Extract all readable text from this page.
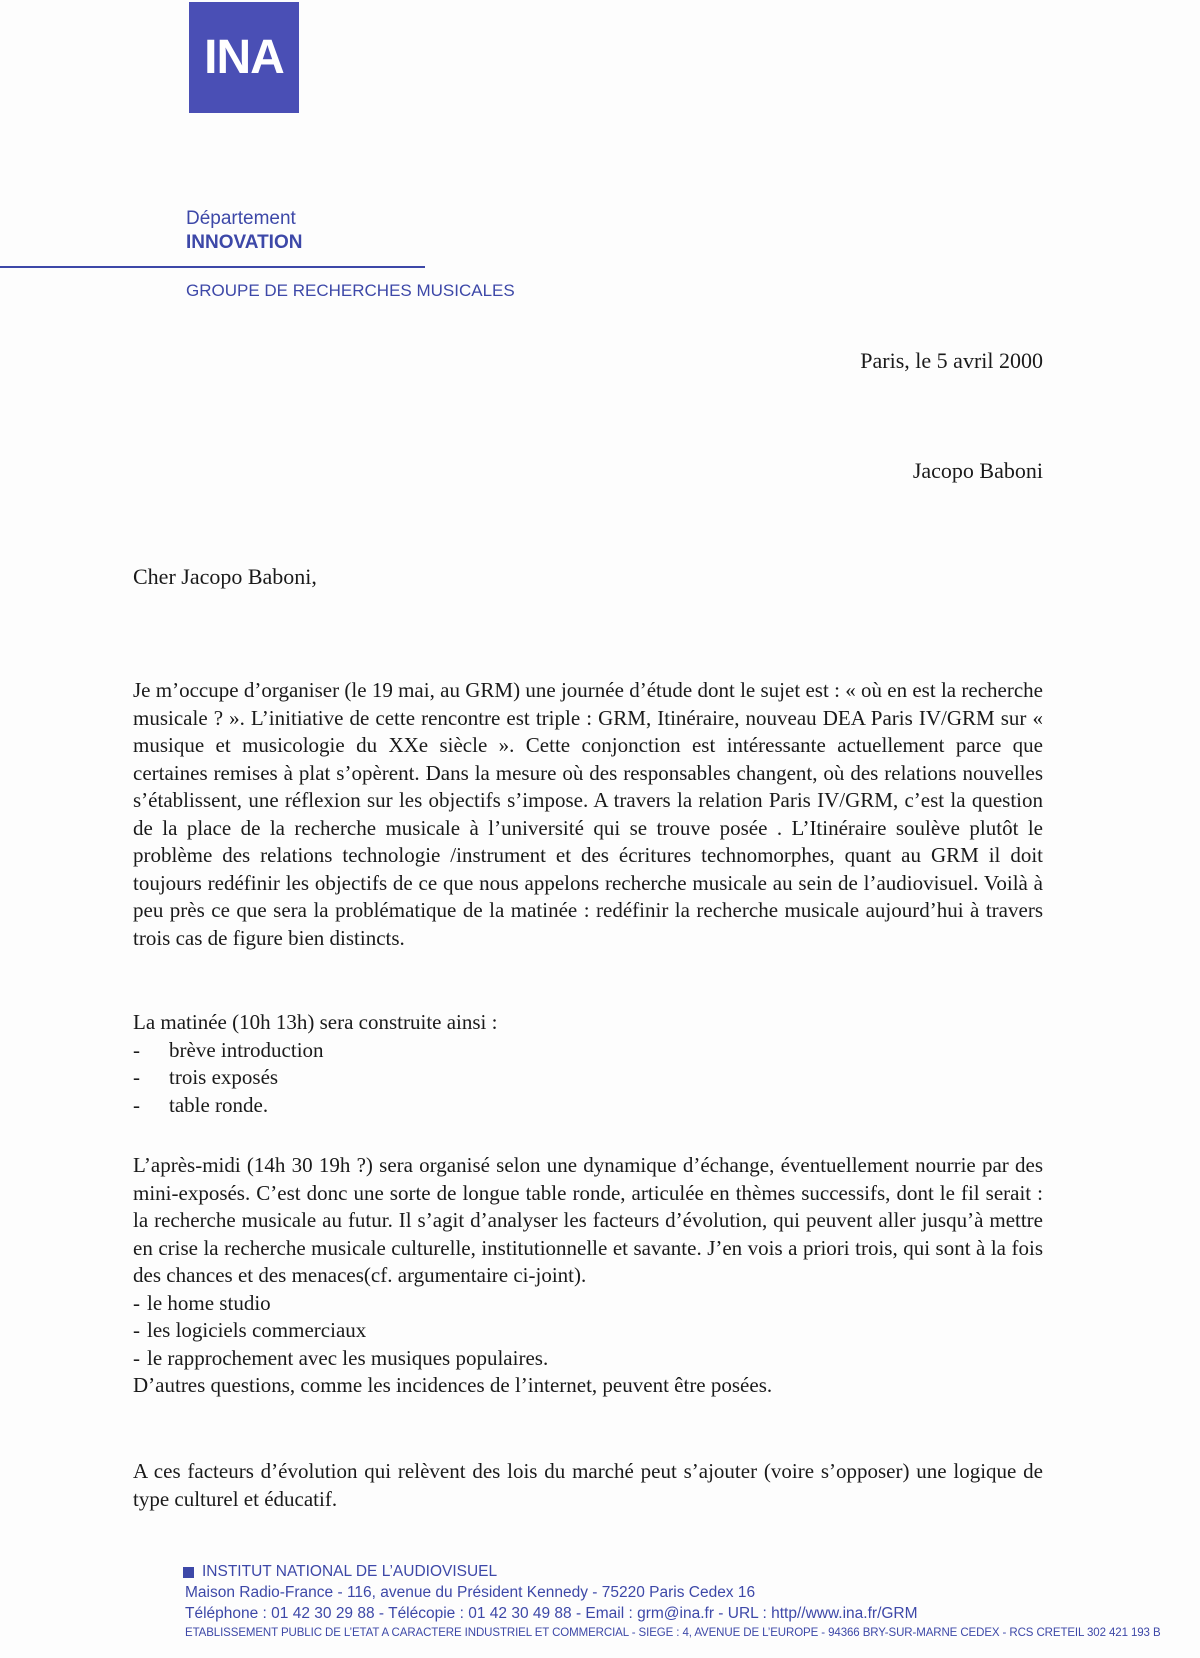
INA
Département
INNOVATION
GROUPE DE RECHERCHES MUSICALES
Paris, le 5 avril 2000
Jacopo Baboni
Cher Jacopo Baboni,
Je m’occupe d’organiser (le 19 mai, au GRM) une journée d’étude dont le sujet est : « où en est la recherche musicale ? ». L’initiative de cette rencontre est triple : GRM, Itinéraire, nouveau DEA Paris IV/GRM sur « musique et musicologie du XXe siècle ». Cette conjonction est intéressante actuellement parce que certaines remises à plat s’opèrent. Dans la mesure où des responsables changent, où des relations nouvelles s’établissent, une réflexion sur les objectifs s’impose. A travers la relation Paris IV/GRM, c’est la question de la place de la recherche musicale à l’université qui se trouve posée . L’Itinéraire soulève plutôt le problème des relations technologie /instrument et des écritures technomorphes, quant au GRM il doit toujours redéfinir les objectifs de ce que nous appelons recherche musicale au sein de l’audiovisuel. Voilà à peu près ce que sera la problématique de la matinée : redéfinir la recherche musicale aujourd’hui à travers trois cas de figure bien distincts.
La matinée (10h 13h) sera construite ainsi :
-	brève introduction
-	trois exposés
-	table ronde.
L’après-midi (14h 30 19h ?) sera organisé selon une dynamique d’échange, éventuellement nourrie par des mini-exposés. C’est donc une sorte de longue table ronde, articulée en thèmes successifs, dont le fil serait : la recherche musicale au futur. Il s’agit d’analyser les facteurs d’évolution, qui peuvent aller jusqu’à mettre en crise la recherche musicale culturelle, institutionnelle et savante. J’en vois a priori trois, qui sont à la fois des chances et des menaces(cf. argumentaire ci-joint).
- le home studio
- les logiciels commerciaux
- le rapprochement avec les musiques populaires.
D’autres questions, comme les incidences de l’internet, peuvent être posées.
A ces facteurs d’évolution qui relèvent des lois du marché peut s’ajouter (voire s’opposer) une logique de type culturel et éducatif.
INSTITUT NATIONAL DE L’AUDIOVISUEL
Maison Radio-France - 116, avenue du Président Kennedy - 75220 Paris Cedex 16
Téléphone : 01 42 30 29 88 - Télécopie : 01 42 30 49 88 - Email : grm@ina.fr - URL : http//www.ina.fr/GRM
ETABLISSEMENT PUBLIC DE L’ETAT A CARACTERE INDUSTRIEL ET COMMERCIAL - SIEGE : 4, AVENUE DE L’EUROPE - 94366 BRY-SUR-MARNE CEDEX - RCS CRETEIL 302 421 193 B
